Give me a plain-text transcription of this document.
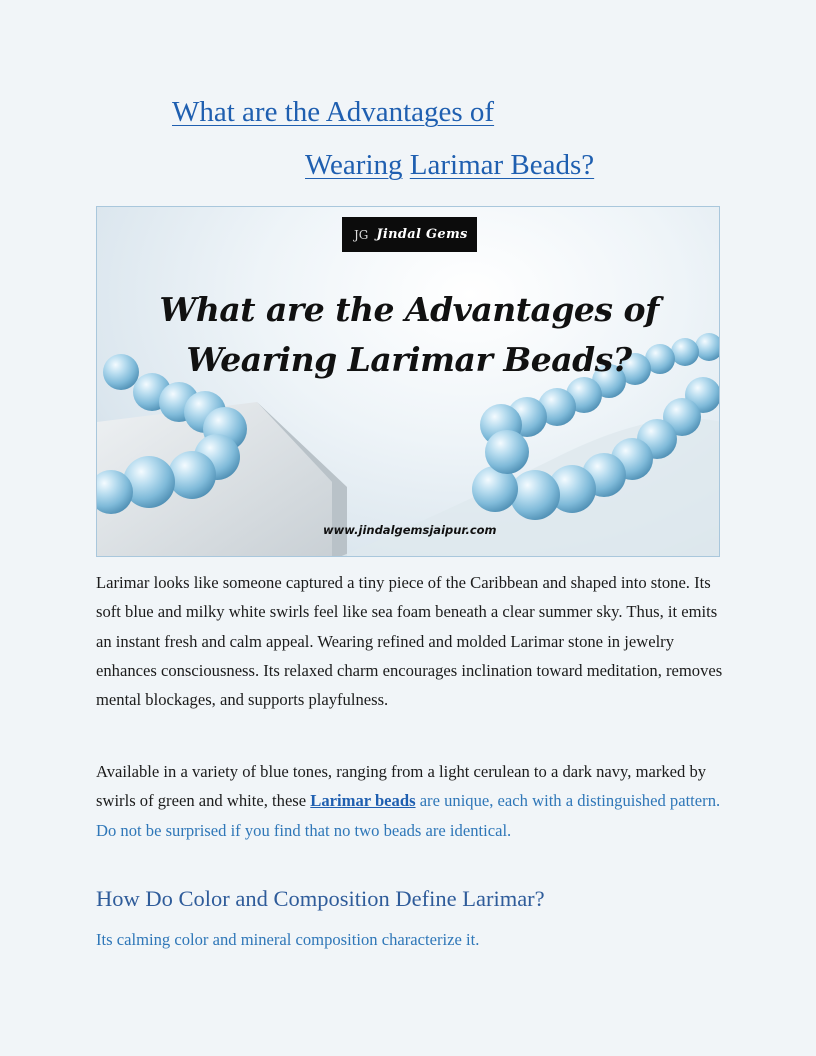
What are the Advantages of
Wearing Larimar Beads?
JG Jindal Gems
What are the Advantages of
Wearing Larimar Beads?
www.jindalgemsjaipur.com

Larimar looks like someone captured a tiny piece of the Caribbean and shaped into stone. Its soft blue and milky white swirls feel like sea foam beneath a clear summer sky. Thus, it emits an instant fresh and calm appeal. Wearing refined and molded Larimar stone in jewelry enhances consciousness. Its relaxed charm encourages inclination toward meditation, removes mental blockages, and supports playfulness.

Available in a variety of blue tones, ranging from a light cerulean to a dark navy, marked by swirls of green and white, these Larimar beads are unique, each with a distinguished pattern. Do not be surprised if you find that no two beads are identical.

How Do Color and Composition Define Larimar?

Its calming color and mineral composition characterize it.
